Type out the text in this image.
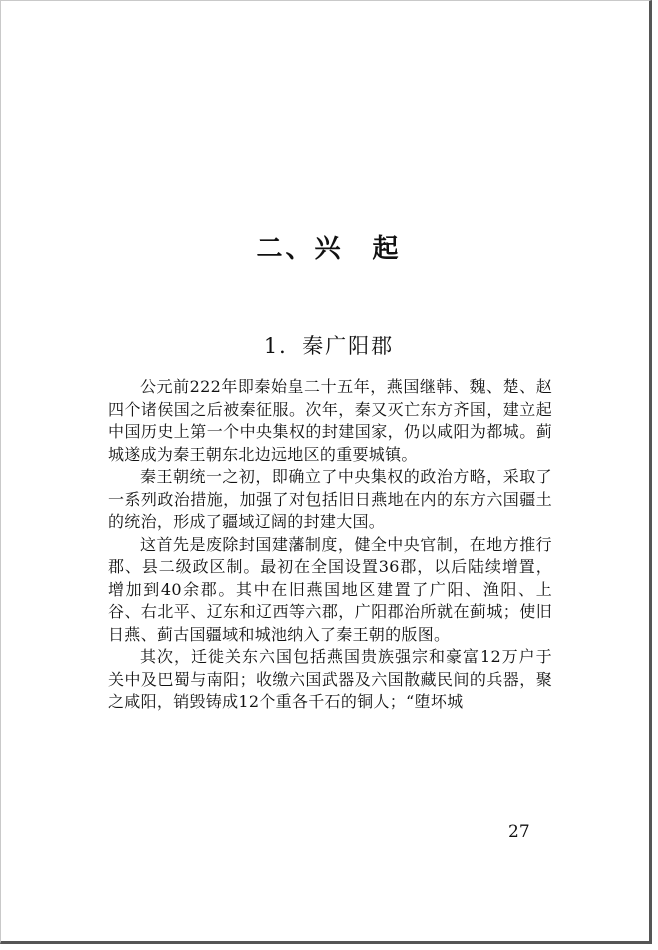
二、兴　起
1．秦广阳郡

公元前222年即秦始皇二十五年，燕国继韩、魏、楚、赵四个诸侯国之后被秦征服。次年，秦又灭亡东方齐国，建立起中国历史上第一个中央集权的封建国家，仍以咸阳为都城。蓟城遂成为秦王朝东北边远地区的重要城镇。

秦王朝统一之初，即确立了中央集权的政治方略，采取了一系列政治措施，加强了对包括旧日燕地在内的东方六国疆土的统治，形成了疆域辽阔的封建大国。

这首先是废除封国建藩制度，健全中央官制，在地方推行郡、县二级政区制。最初在全国设置36郡，以后陆续增置，增加到40余郡。其中在旧燕国地区建置了广阳、渔阳、上谷、右北平、辽东和辽西等六郡，广阳郡治所就在蓟城；使旧日燕、蓟古国疆域和城池纳入了秦王朝的版图。

其次，迁徙关东六国包括燕国贵族强宗和豪富12万户于关中及巴蜀与南阳；收缴六国武器及六国散藏民间的兵器，聚之咸阳，销毁铸成12个重各千石的铜人；“堕坏城

27
